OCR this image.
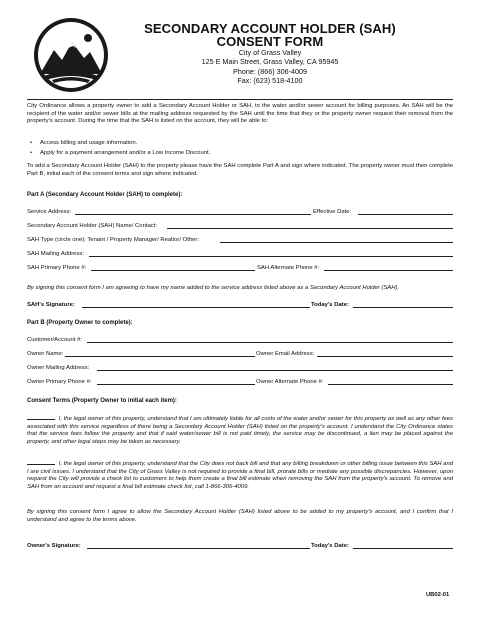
SECONDARY ACCOUNT HOLDER (SAH)
CONSENT FORM
City of Grass Valley
125 E Main Street, Grass Valley, CA 95945
Phone: (866) 306-4009
Fax: (623) 518-4100
City Ordinance allows a property owner to add a Secondary Account Holder or SAH, to the water and/or sewer account for billing purposes. An SAH will be the recipient of the water and/or sewer bills at the mailing address requested by the SAH until the time that they or the property owner request their removal from the property's account. During the time that the SAH is listed on the account, they will be able to:
• Access billing and usage information.
• Apply for a payment arrangement and/or a Low Income Discount.
To add a Secondary Account Holder (SAH) to the property please have the SAH complete Part A and sign where indicated. The property owner must then complete Part B, initial each of the consent terms and sign where indicated.
Part A (Secondary Account Holder (SAH) to complete):
Service Address:	Effective Date:
Secondary Account Holder (SAH) Name/ Contact:
SAH Type (circle one): Tenant / Property Manager/ Realtor/ Other:
SAH Mailing Address:
SAH Primary Phone #:	SAH Alternate Phone #:
By signing this consent form I am agreeing to have my name added to the service address listed above as a Secondary Account Holder (SAH).
SAH's Signature:	Today's Date:
Part B (Property Owner to complete):
Customer/Account #:
Owner Name:	Owner Email Address:
Owner Mailing Address:
Owner Primary Phone #:	Owner Alternate Phone #:
Consent Terms (Property Owner to initial each item):
I, the legal owner of this property, understand that I am ultimately liable for all costs of the water and/or sewer for this property as well as any other fees associated with this service regardless of there being a Secondary Account Holder (SAH) listed on the property's account. I understand the City Ordinance states that the service fees follow the property and that if said water/sewer bill is not paid timely, the service may be discontinued, a lien may be placed against the property, and other legal steps may be taken as necessary.
I, the legal owner of this property, understand that the City does not back bill and that any billing breakdown or other billing issue between this SAH and I are civil issues. I understand that the City of Grass Valley is not required to provide a final bill, prorate bills or mediate any possible discrepancies. However, upon request the City will provide a check list to customers to help them create a final bill estimate when removing the SAH from the property's account. To remove and SAH from an account and request a final bill estimate check list, call 1-866-306-4009.
By signing this consent form I agree to allow the Secondary Account Holder (SAH) listed above to be added to my property's account, and I confirm that I understand and agree to the terms above.
Owner's Signature:	Today's Date:
UB02-01
